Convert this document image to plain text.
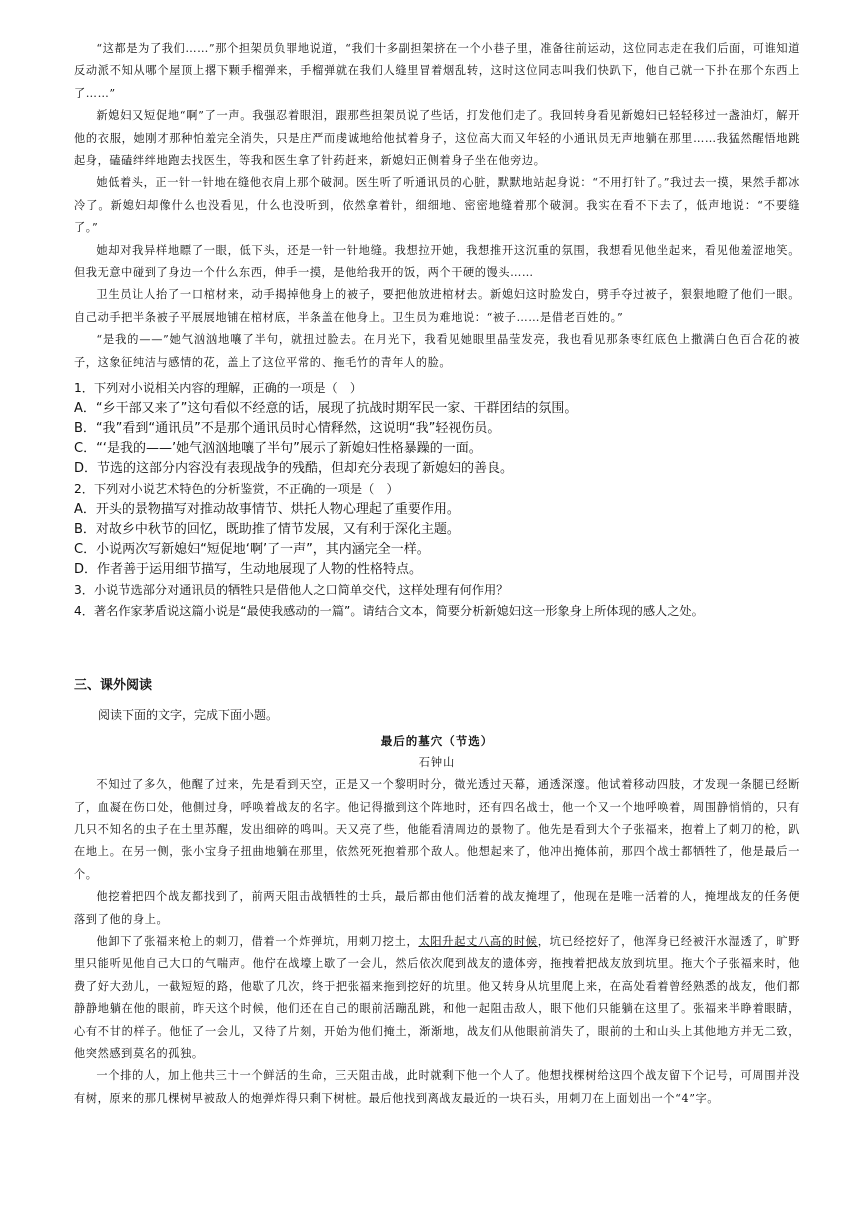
“这都是为了我们……”那个担架员负罪地说道，“我们十多副担架挤在一个小巷子里，准备往前运动，这位同志走在我们后面，可谁知道反动派不知从哪个屋顶上撂下颗手榴弹来，手榴弹就在我们人缝里冒着烟乱转，这时这位同志叫我们快趴下，他自己就一下扑在那个东西上了……”

新媳妇又短促地“啊”了一声。我强忍着眼泪，跟那些担架员说了些话，打发他们走了。我回转身看见新媳妇已轻轻移过一盏油灯，解开他的衣服，她刚才那种怕羞完全消失，只是庄严而虔诚地给他拭着身子，这位高大而又年轻的小通讯员无声地躺在那里……我猛然醒悟地跳起身，磕磕绊绊地跑去找医生，等我和医生拿了针药赶来，新媳妇正侧着身子坐在他旁边。

她低着头，正一针一针地在缝他衣肩上那个破洞。医生听了听通讯员的心脏，默默地站起身说：“不用打针了。”我过去一摸，果然手都冰冷了。新媳妇却像什么也没看见，什么也没听到，依然拿着针，细细地、密密地缝着那个破洞。我实在看不下去了，低声地说：“不要缝了。”

她却对我异样地瞟了一眼，低下头，还是一针一针地缝。我想拉开她，我想推开这沉重的氛围，我想看见他坐起来，看见他羞涩地笑。但我无意中碰到了身边一个什么东西，伸手一摸，是他给我开的饭，两个干硬的馒头……

卫生员让人抬了一口棺材来，动手揭掉他身上的被子，要把他放进棺材去。新媳妇这时脸发白，劈手夺过被子，狠狠地瞪了他们一眼。自己动手把半条被子平展展地铺在棺材底，半条盖在他身上。卫生员为难地说：“被子……是借老百姓的。”

“是我的——”她气汹汹地嚷了半句，就扭过脸去。在月光下，我看见她眼里晶莹发亮，我也看见那条枣红底色上撒满白色百合花的被子，这象征纯洁与感情的花，盖上了这位平常的、拖毛竹的青年人的脸。

1．下列对小说相关内容的理解，正确的一项是（　）

A．“乡干部又来了”这句看似不经意的话，展现了抗战时期军民一家、干群团结的氛围。

B．“我”看到“通讯员”不是那个通讯员时心情释然，这说明“我”轻视伤员。

C．“‘是我的——’她气汹汹地嚷了半句”展示了新媳妇性格暴躁的一面。

D．节选的这部分内容没有表现战争的残酷，但却充分表现了新媳妇的善良。

2．下列对小说艺术特色的分析鉴赏，不正确的一项是（　）

A．开头的景物描写对推动故事情节、烘托人物心理起了重要作用。

B．对故乡中秋节的回忆，既助推了情节发展，又有利于深化主题。

C．小说两次写新媳妇“短促地‘啊’了一声”，其内涵完全一样。

D．作者善于运用细节描写，生动地展现了人物的性格特点。

3．小说节选部分对通讯员的牺牲只是借他人之口简单交代，这样处理有何作用？

4．著名作家茅盾说这篇小说是“最使我感动的一篇”。请结合文本，简要分析新媳妇这一形象身上所体现的感人之处。

三、课外阅读
阅读下面的文字，完成下面小题。
最后的墓穴（节选）
石钟山

不知过了多久，他醒了过来，先是看到天空，正是又一个黎明时分，微光透过天幕，通透深邃。他试着移动四肢，才发现一条腿已经断了，血凝在伤口处，他側过身，呼唤着战友的名字。他记得撤到这个阵地时，还有四名战士，他一个又一个地呼唤着，周围静悄悄的，只有几只不知名的虫子在土里苏醒，发出细碎的鸣叫。天又亮了些，他能看清周边的景物了。他先是看到大个子张福来，抱着上了刺刀的枪，趴在地上。在另一侧，张小宝身子扭曲地躺在那里，依然死死抱着那个敌人。他想起来了，他冲出掩体前，那四个战士都牺牲了，他是最后一个。

他挖着把四个战友都找到了，前两天阻击战牺牲的士兵，最后都由他们活着的战友掩埋了，他现在是唯一活着的人，掩埋战友的任务便落到了他的身上。

他卸下了张福来枪上的刺刀，借着一个炸弹坑，用刺刀挖土，太阳升起丈八高的时候，坑已经挖好了，他浑身已经被汗水湿透了，旷野里只能听见他自己大口的气喘声。他佇在战壕上歇了一会儿，然后依次爬到战友的遗体旁，拖拽着把战友放到坑里。拖大个子张福来时，他费了好大劲儿，一截短短的路，他歇了几次，终于把张福来拖到挖好的坑里。他又转身从坑里爬上来，在高处看着曾经熟悉的战友，他们都静静地躺在他的眼前，昨天这个时候，他们还在自己的眼前活蹦乱跳，和他一起阻击敌人，眼下他们只能躺在这里了。张福来半睁着眼睛，心有不甘的样子。他怔了一会儿，又待了片刻，开始为他们掩土，渐渐地，战友们从他眼前消失了，眼前的土和山头上其他地方并无二致，他突然感到莫名的孤独。

一个排的人，加上他共三十一个鲜活的生命，三天阻击战，此时就剩下他一个人了。他想找棵树给这四个战友留下个记号，可周围并没有树，原来的那几棵树早被敌人的炮弹炸得只剩下树桩。最后他找到离战友最近的一块石头，用刺刀在上面划出一个“4”字。
